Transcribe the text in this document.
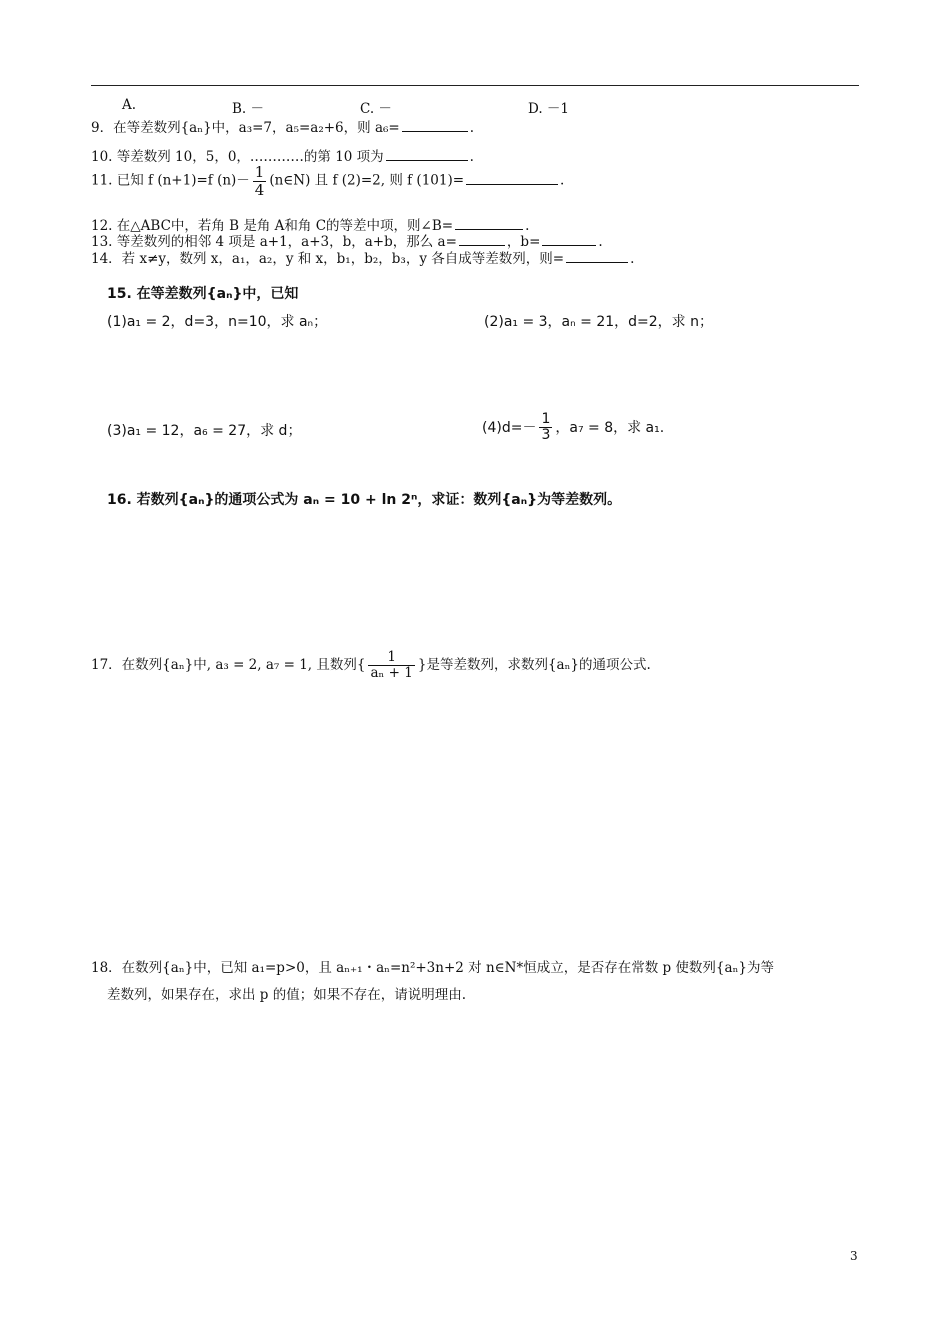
A.	B. －	C. －	D. －1
9．在等差数列{aₙ}中，a₃=7，a₅=a₂+6，则 a₆=	.
10. 等差数列 10，5，0，…………的第 10 项为	.
11. 已知 f (n+1)=f $(n)- \frac{1}{4}$ (n∈N) 且 f (2)=2, 则 f (101)=	.
12. 在△ABC中，若角 B 是角 A和角 C的等差中项，则∠B=	.
13. 等差数列的相邻 4 项是 a+1，a+3，b，a+b，那么 a=	，b=	.
14．若 x≠y，数列 x，a₁，a₂，y 和 x，b₁，b₂，b₃，y 各自成等差数列，则=	.
15. 在等差数列{aₙ}中，已知
(1)a₁ = 2，d=3，n=10，求 aₙ；	(2)a₁ = 3，aₙ = 21，d=2，求 n；
(3)a₁ = 12，a₆ = 27，求 d；	$(4)d=- \frac{1}{3}$ ，a₇ = 8，求 a₁.
16. 若数列{aₙ}的通项公式为 aₙ = 10 + ln 2ⁿ，求证：数列{aₙ}为等差数列。
17．在数列{aₙ}中, a₃ = 2, a₇ = 1, 且数列{ $\frac{1}{\text{aₙ + 1}}$ }是等差数列，求数列{aₙ}的通项公式.
18．在数列{aₙ}中，已知 a₁=p>0，且 aₙ₊₁・aₙ=n²+3n+2 对 n∈N*恒成立，是否存在常数 p 使数列{aₙ}为等
差数列，如果存在，求出 p 的值；如果不存在，请说明理由.
3
